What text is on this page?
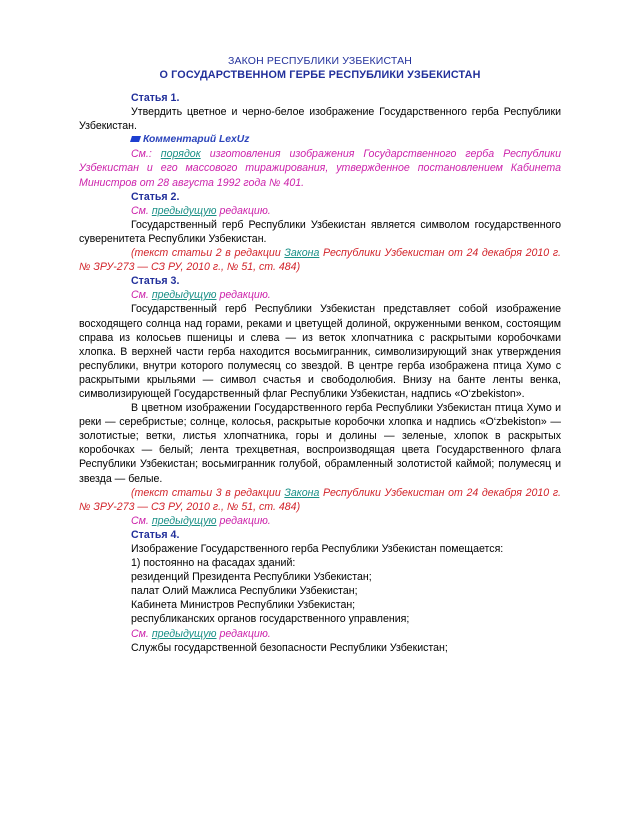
ЗАКОН РЕСПУБЛИКИ УЗБЕКИСТАН
О ГОСУДАРСТВЕННОМ ГЕРБЕ РЕСПУБЛИКИ УЗБЕКИСТАН

Статья 1.

Утвердить цветное и черно-белое изображение Государственного герба Республики Узбекистан.

Комментарий LexUz

См.: порядок изготовления изображения Государственного герба Республики Узбекистан и его массового тиражирования, утвержденное постановлением Кабинета Министров от 28 августа 1992 года № 401.

Статья 2.

См. предыдущую редакцию.

Государственный герб Республики Узбекистан является символом государственного суверенитета Республики Узбекистан.

(текст статьи 2 в редакции Закона Республики Узбекистан от 24 декабря 2010 г. № ЗРУ-273 — СЗ РУ, 2010 г., № 51, ст. 484)

Статья 3.

См. предыдущую редакцию.

Государственный герб Республики Узбекистан представляет собой изображение восходящего солнца над горами, реками и цветущей долиной, окруженными венком, состоящим справа из колосьев пшеницы и слева — из веток хлопчатника с раскрытыми коробочками хлопка. В верхней части герба находится восьмигранник, символизирующий знак утверждения республики, внутри которого полумесяц со звездой. В центре герба изображена птица Хумо с раскрытыми крыльями — символ счастья и свободолюбия. Внизу на банте ленты венка, символизирующей Государственный флаг Республики Узбекистан, надпись «O‘zbekiston».

В цветном изображении Государственного герба Республики Узбекистан птица Хумо и реки — серебристые; солнце, колосья, раскрытые коробочки хлопка и надпись «O‘zbekiston» — золотистые; ветки, листья хлопчатника, горы и долины — зеленые, хлопок в раскрытых коробочках — белый; лента трехцветная, воспроизводящая цвета Государственного флага Республики Узбекистан; восьмигранник голубой, обрамленный золотистой каймой; полумесяц и звезда — белые.

(текст статьи 3 в редакции Закона Республики Узбекистан от 24 декабря 2010 г. № ЗРУ-273 — СЗ РУ, 2010 г., № 51, ст. 484)

См. предыдущую редакцию.

Статья 4.

Изображение Государственного герба Республики Узбекистан помещается:

1) постоянно на фасадах зданий:

резиденций Президента Республики Узбекистан;

палат Олий Мажлиса Республики Узбекистан;

Кабинета Министров Республики Узбекистан;

республиканских органов государственного управления;

См. предыдущую редакцию.

Службы государственной безопасности Республики Узбекистан;
